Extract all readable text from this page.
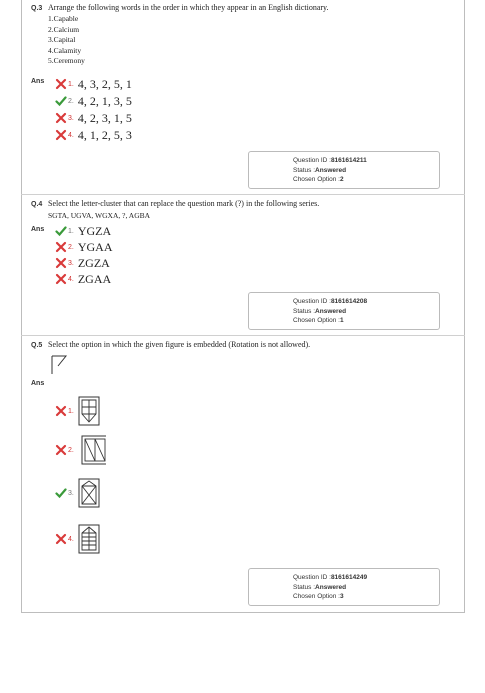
Q.3 Arrange the following words in the order in which they appear in an English dictionary.
1.Capable
2.Calcium
3.Capital
4.Calamity
5.Ceremony
Ans	1. 4, 3, 2, 5, 1
2. 4, 2, 1, 3, 5
3. 4, 2, 3, 1, 5
4. 4, 1, 2, 5, 3
Question ID :8161614211
Status :Answered
Chosen Option :2
Q.4 Select the letter-cluster that can replace the question mark (?) in the following series.
SGTA, UGVA, WGXA, ?, AGBA
Ans	1. YGZA
2. YGAA
3. ZGZA
4. ZGAA
Question ID :8161614208
Status :Answered
Chosen Option :1
Q.5 Select the option in which the given figure is embedded (Rotation is not allowed).
Ans
1.
2.
3.
4.
Question ID :8161614249
Status :Answered
Chosen Option :3
